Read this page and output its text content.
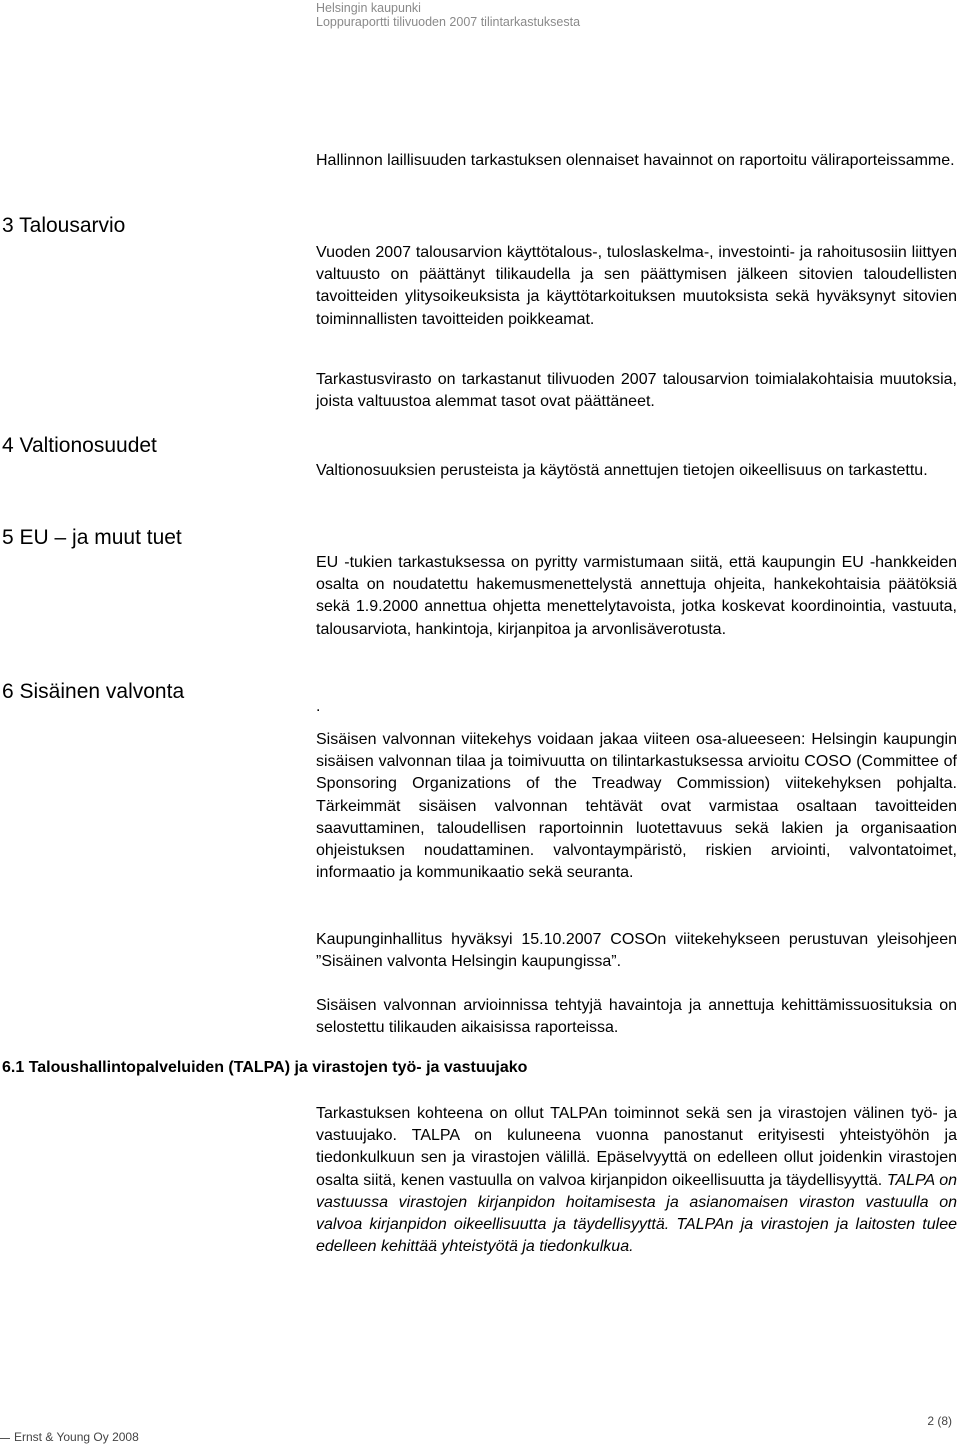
Helsingin kaupunki
Loppuraportti tilivuoden 2007 tilintarkastuksesta

Hallinnon laillisuuden tarkastuksen olennaiset havainnot on raportoitu väliraporteissamme.

3 Talousarvio

Vuoden 2007 talousarvion käyttötalous-, tuloslaskelma-, investointi- ja rahoitusosiin liittyen valtuusto on päättänyt tilikaudella ja sen päättymisen jälkeen sitovien taloudellisten tavoitteiden ylitysoikeuksista ja käyttötarkoituksen muutoksista sekä hyväksynyt sitovien toiminnallisten tavoitteiden poikkeamat.

Tarkastusvirasto on tarkastanut tilivuoden 2007 talousarvion toimialakohtaisia muutoksia, joista valtuustoa alemmat tasot ovat päättäneet.

4 Valtionosuudet

Valtionosuuksien perusteista ja käytöstä annettujen tietojen oikeellisuus on tarkastettu.

5 EU – ja muut tuet

EU -tukien tarkastuksessa on pyritty varmistumaan siitä, että kaupungin EU -hankkeiden osalta on noudatettu hakemusmenettelystä annettuja ohjeita, hankekohtaisia päätöksiä sekä 1.9.2000 annettua ohjetta menettelytavoista, jotka koskevat koordinointia, vastuuta, talousarviota, hankintoja, kirjanpitoa ja arvonlisäverotusta.

6 Sisäinen valvonta
.

Sisäisen valvonnan viitekehys voidaan jakaa viiteen osa-alueeseen: Helsingin kaupungin sisäisen valvonnan tilaa ja toimivuutta on tilintarkastuksessa arvioitu COSO (Committee of Sponsoring Organizations of the Treadway Commission) viitekehyksen pohjalta. Tärkeimmät sisäisen valvonnan tehtävät ovat varmistaa osaltaan tavoitteiden saavuttaminen, taloudellisen raportoinnin luotettavuus sekä lakien ja organisaation ohjeistuksen noudattaminen. valvontaympäristö, riskien arviointi, valvontatoimet, informaatio ja kommunikaatio sekä seuranta.

Kaupunginhallitus hyväksyi 15.10.2007 COSOn viitekehykseen perustuvan yleisohjeen ”Sisäinen valvonta Helsingin kaupungissa”.

Sisäisen valvonnan arvioinnissa tehtyjä havaintoja ja annettuja kehittämissuosituksia on selostettu tilikauden aikaisissa raporteissa.

6.1 Taloushallintopalveluiden (TALPA) ja virastojen työ- ja vastuujako

Tarkastuksen kohteena on ollut TALPAn toiminnot sekä sen ja virastojen välinen työ- ja vastuujako. TALPA on kuluneena vuonna panostanut erityisesti yhteistyöhön ja tiedonkulkuun sen ja virastojen välillä. Epäselvyyttä on edelleen ollut joidenkin virastojen osalta siitä, kenen vastuulla on valvoa kirjanpidon oikeellisuutta ja täydellisyyttä. TALPA on vastuussa virastojen kirjanpidon hoitamisesta ja asianomaisen viraston vastuulla on valvoa kirjanpidon oikeellisuutta ja täydellisyyttä. TALPAn ja virastojen ja laitosten tulee edelleen kehittää yhteistyötä ja tiedonkulkua.

Ernst & Young Oy 2008
2 (8)
